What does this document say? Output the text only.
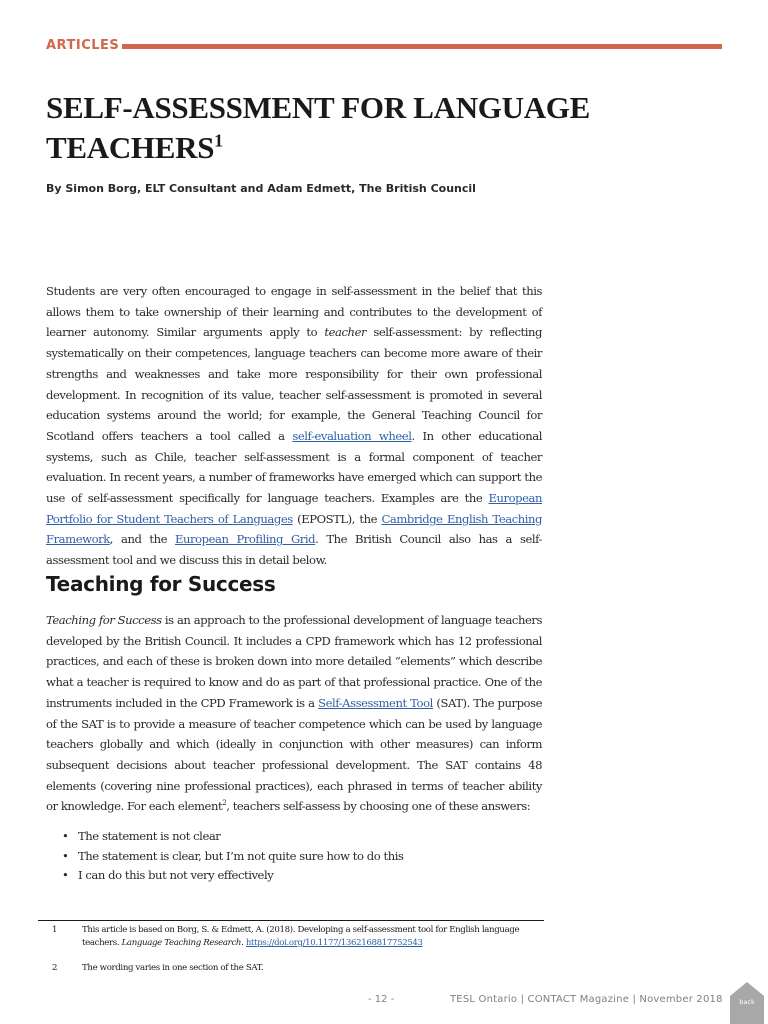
ARTICLES
SELF-ASSESSMENT FOR LANGUAGE TEACHERS$^1$
By Simon Borg, ELT Consultant and Adam Edmett, The British Council

Students are very often encouraged to engage in self-assessment in the belief that this allows them to take ownership of their learning and contributes to the development of learner autonomy. Similar arguments apply to teacher self-assessment: by reflecting systematically on their competences, language teachers can become more aware of their strengths and weaknesses and take more responsibility for their own professional development. In recognition of its value, teacher self-assessment is promoted in several education systems around the world; for example, the General Teaching Council for Scotland offers teachers a tool called a self-evaluation wheel. In other educational systems, such as Chile, teacher self-assessment is a formal component of teacher evaluation. In recent years, a number of frameworks have emerged which can support the use of self-assessment specifically for language teachers. Examples are the European Portfolio for Student Teachers of Languages (EPOSTL), the Cambridge English Teaching Framework, and the European Profiling Grid. The British Council also has a self-assessment tool and we discuss this in detail below.

Teaching for Success

Teaching for Success is an approach to the professional development of language teachers developed by the British Council. It includes a CPD framework which has 12 professional practices, and each of these is broken down into more detailed “elements” which describe what a teacher is required to know and do as part of that professional practice. One of the instruments included in the CPD Framework is a Self-Assessment Tool (SAT). The purpose of the SAT is to provide a measure of teacher competence which can be used by language teachers globally and which (ideally in conjunction with other measures) can inform subsequent decisions about teacher professional development. The SAT contains 48 elements (covering nine professional practices), each phrased in terms of teacher ability or knowledge. For each element$^2$, teachers self-assess by choosing one of these answers:

• The statement is not clear
• The statement is clear, but I’m not quite sure how to do this
• I can do this but not very effectively
1	This article is based on Borg, S. & Edmett, A. (2018). Developing a self-assessment tool for English language teachers. Language Teaching Research. https://doi.org/10.1177/1362168817752543
2	The wording varies in one section of the SAT.
- 12 -	TESL Ontario | CONTACT Magazine | November 2018	back
